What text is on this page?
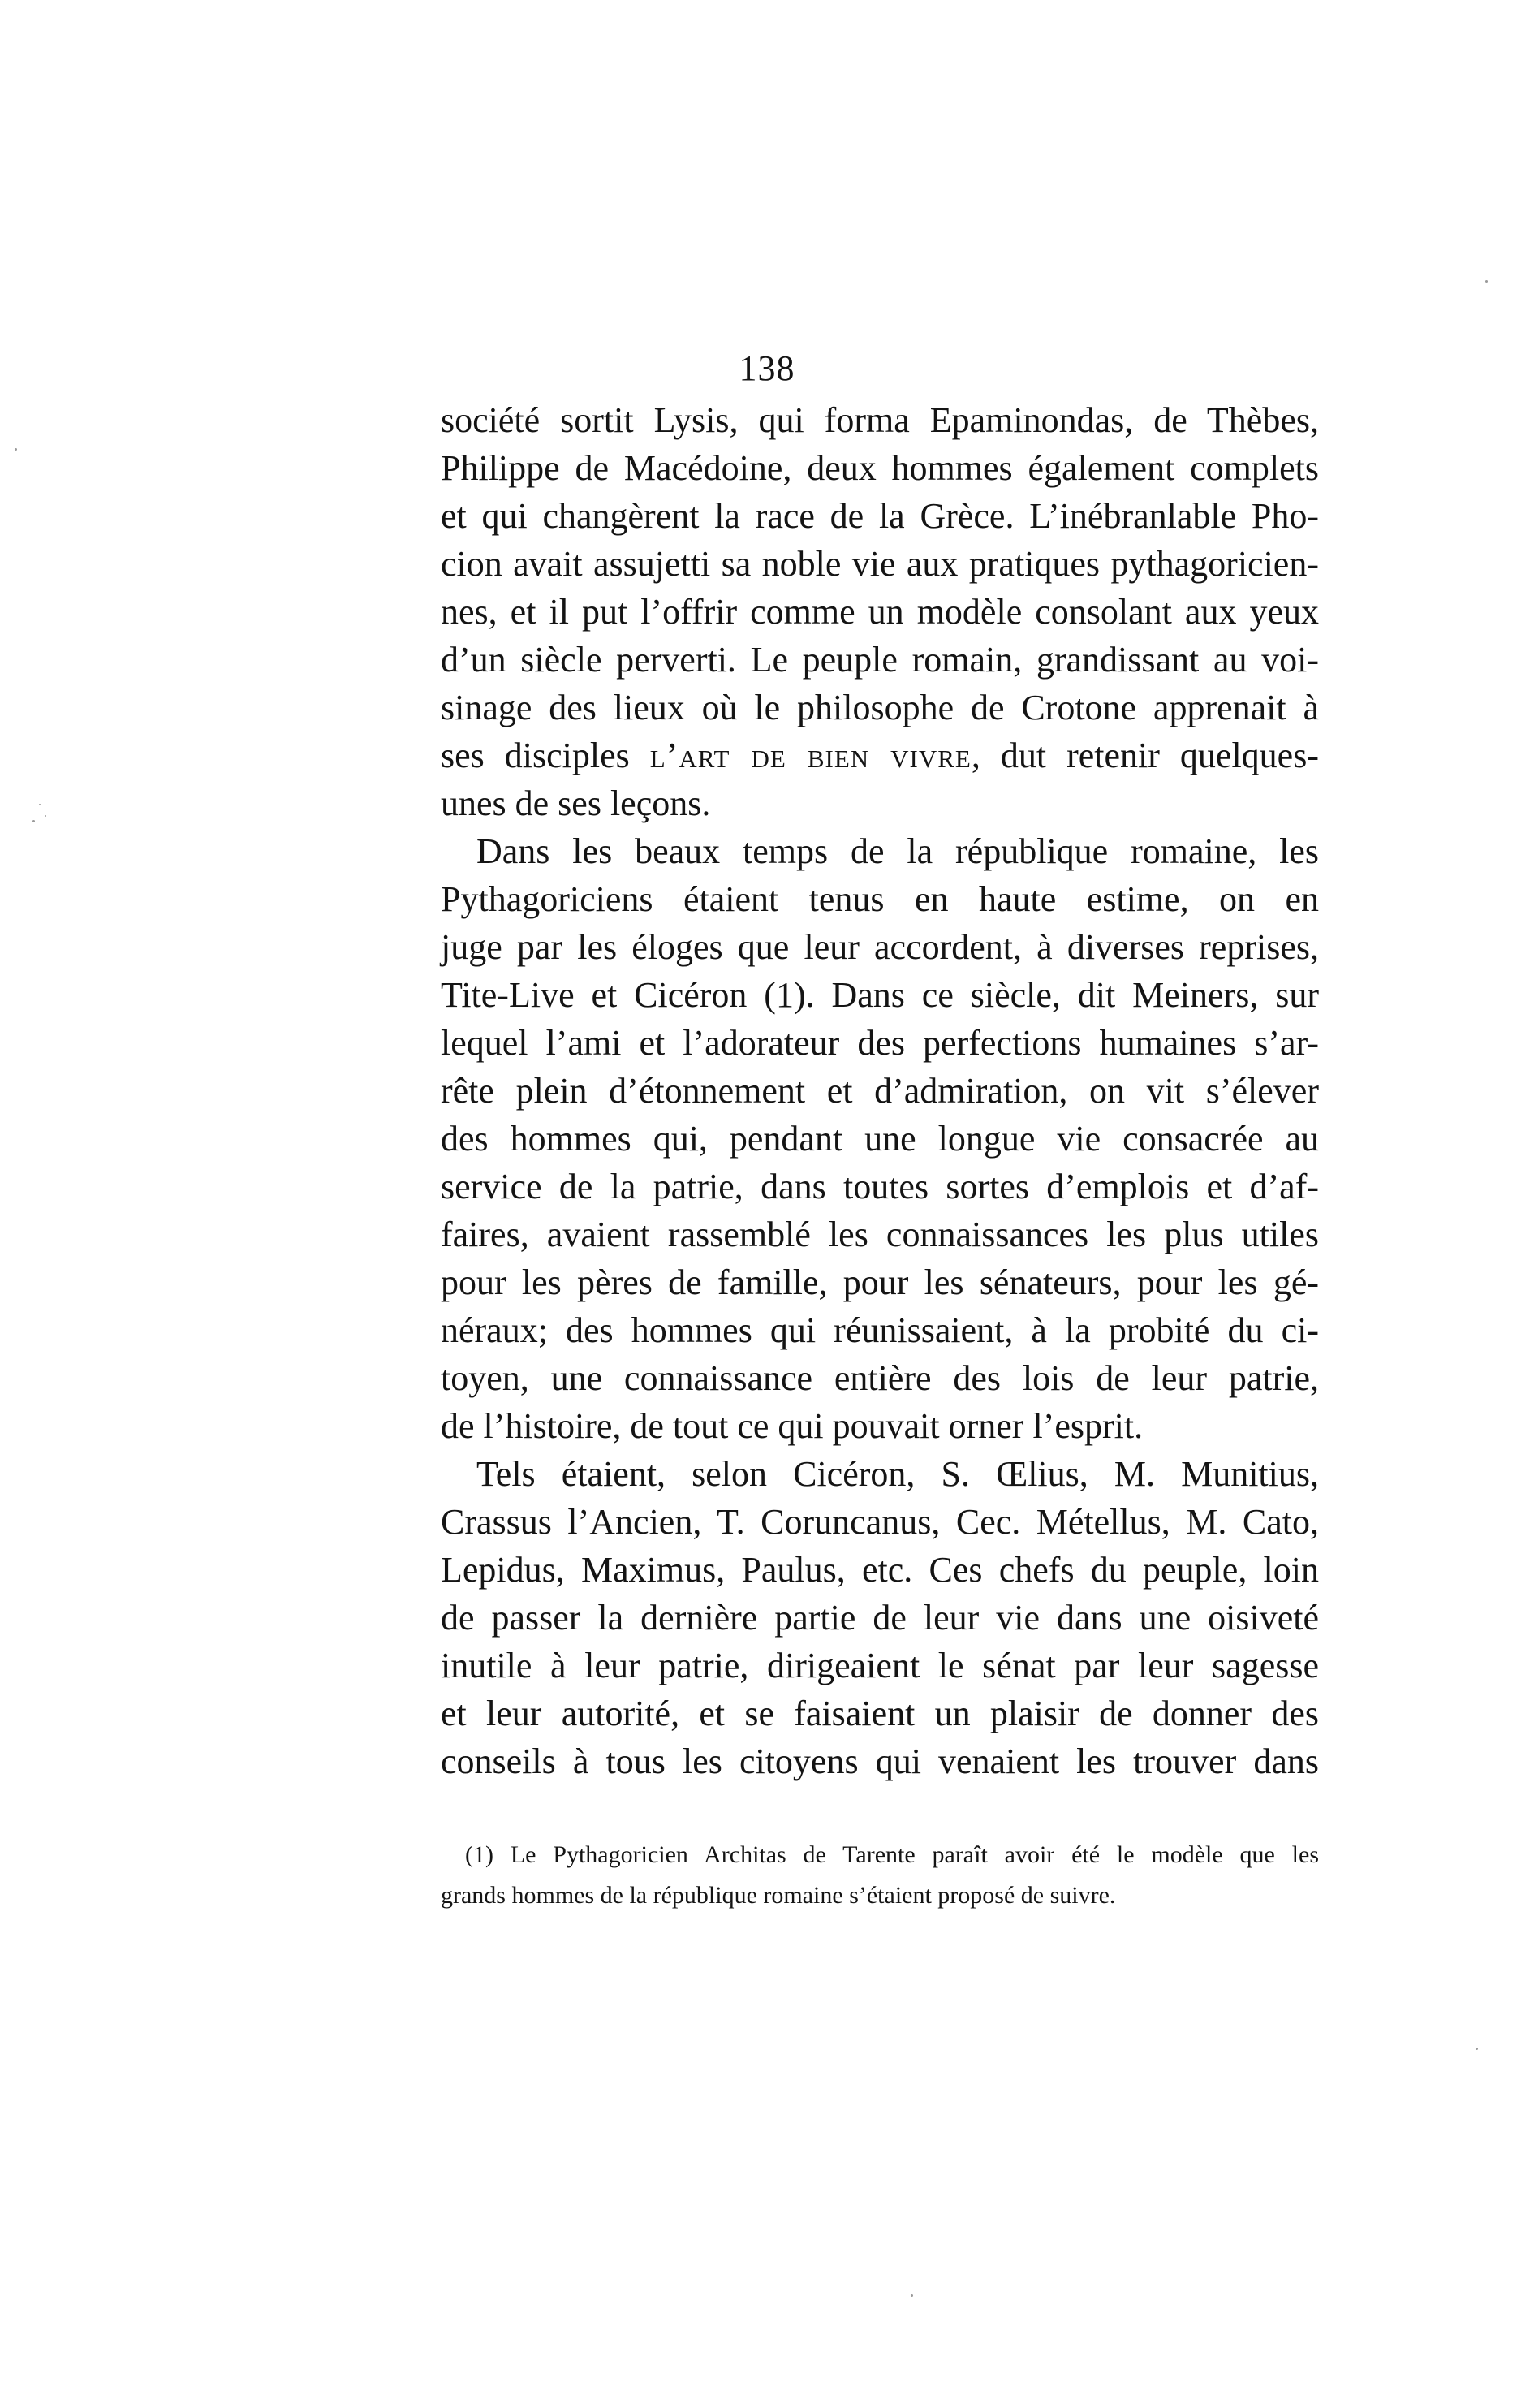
138
société sortit Lysis, qui forma Epaminondas, de Thèbes,
Philippe de Macédoine, deux hommes également complets
et qui changèrent la race de la Grèce. L’inébranlable Pho-
cion avait assujetti sa noble vie aux pratiques pythagoricien-
nes, et il put l’offrir comme un modèle consolant aux yeux
d’un siècle perverti. Le peuple romain, grandissant au voi-
sinage des lieux où le philosophe de Crotone apprenait à
ses disciples l’art de bien vivre, dut retenir quelques-
unes de ses leçons.
Dans les beaux temps de la république romaine, les
Pythagoriciens étaient tenus en haute estime, on en
juge par les éloges que leur accordent, à diverses reprises,
Tite-Live et Cicéron (1). Dans ce siècle, dit Meiners, sur
lequel l’ami et l’adorateur des perfections humaines s’ar-
rête plein d’étonnement et d’admiration, on vit s’élever
des hommes qui, pendant une longue vie consacrée au
service de la patrie, dans toutes sortes d’emplois et d’af-
faires, avaient rassemblé les connaissances les plus utiles
pour les pères de famille, pour les sénateurs, pour les gé-
néraux; des hommes qui réunissaient, à la probité du ci-
toyen, une connaissance entière des lois de leur patrie,
de l’histoire, de tout ce qui pouvait orner l’esprit.
Tels étaient, selon Cicéron, S. Œlius, M. Munitius,
Crassus l’Ancien, T. Coruncanus, Cec. Métellus, M. Cato,
Lepidus, Maximus, Paulus, etc. Ces chefs du peuple, loin
de passer la dernière partie de leur vie dans une oisiveté
inutile à leur patrie, dirigeaient le sénat par leur sagesse
et leur autorité, et se faisaient un plaisir de donner des
conseils à tous les citoyens qui venaient les trouver dans
(1) Le Pythagoricien Architas de Tarente paraît avoir été le modèle que les
grands hommes de la républiqu‍e romaine s’étaient proposé de suivre.
